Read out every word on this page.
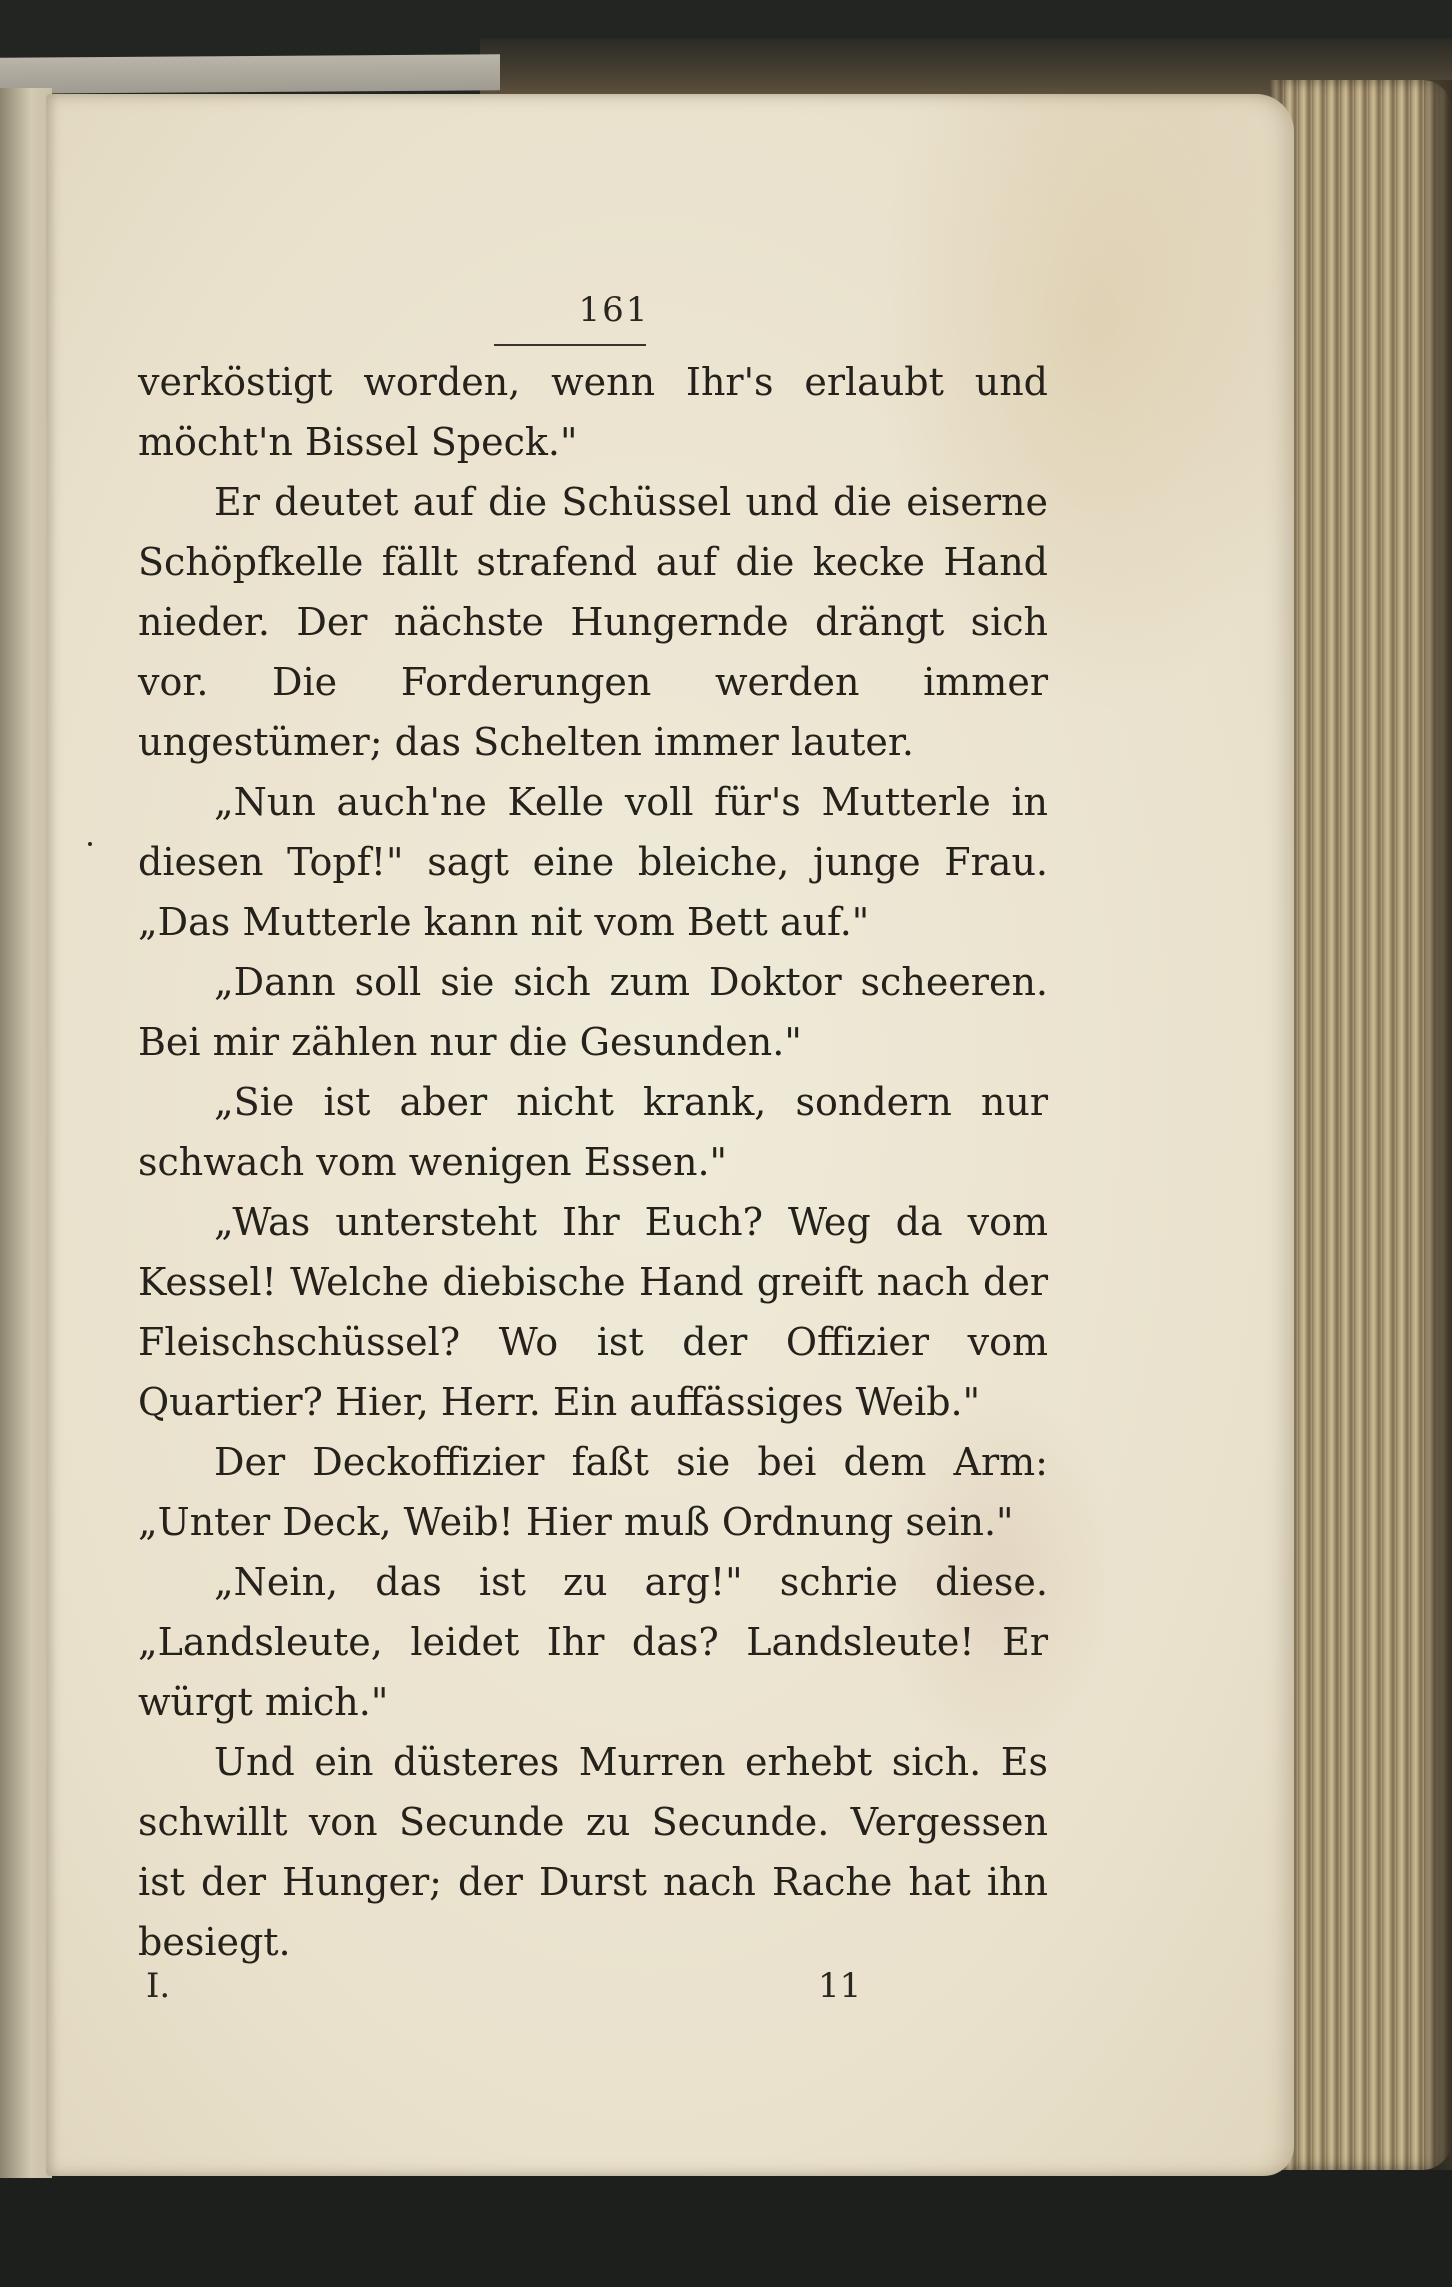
161

verköstigt worden, wenn Ihr's erlaubt und möcht'n Bissel Speck."

Er deutet auf die Schüssel und die eiserne Schöpfkelle fällt strafend auf die kecke Hand nieder. Der nächste Hungernde drängt sich vor. Die Forderungen werden immer ungestümer; das Schelten immer lauter.

„Nun auch'ne Kelle voll für's Mutterle in diesen Topf!" sagt eine bleiche, junge Frau. „Das Mutterle kann nit vom Bett auf."

„Dann soll sie sich zum Doktor scheeren. Bei mir zählen nur die Gesunden."

„Sie ist aber nicht krank, sondern nur schwach vom wenigen Essen."

„Was untersteht Ihr Euch? Weg da vom Kessel! Welche diebische Hand greift nach der Fleischschüssel? Wo ist der Offizier vom Quartier? Hier, Herr. Ein auffässiges Weib."

Der Deckoffizier faßt sie bei dem Arm: „Unter Deck, Weib! Hier muß Ordnung sein."

„Nein, das ist zu arg!" schrie diese. „Landsleute, leidet Ihr das? Landsleute! Er würgt mich."

Und ein düsteres Murren erhebt sich. Es schwillt von Secunde zu Secunde. Vergessen ist der Hunger; der Durst nach Rache hat ihn besiegt.

I.	11
